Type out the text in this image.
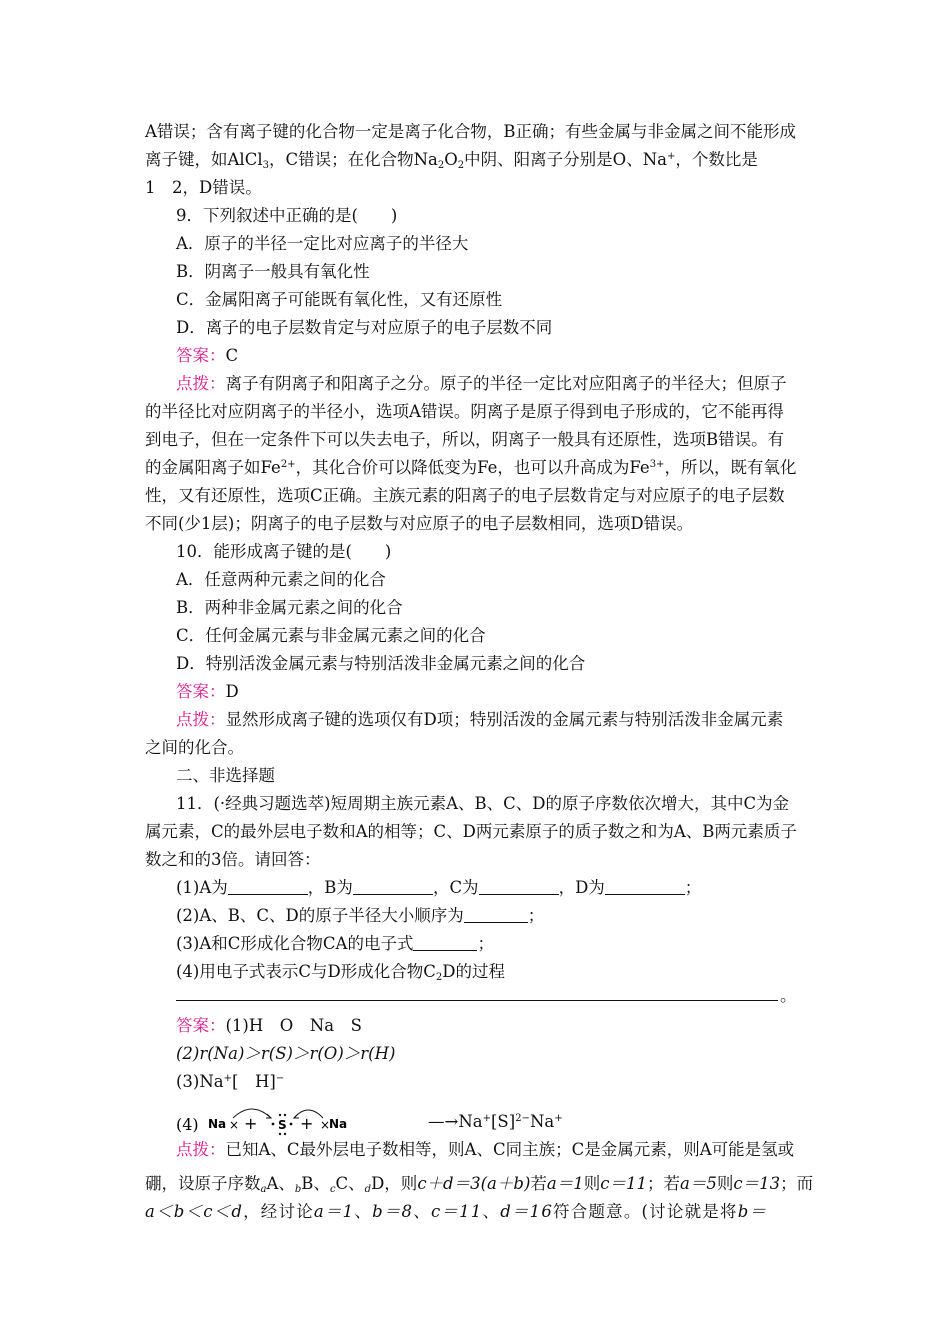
A错误；含有离子键的化合物一定是离子化合物，B正确；有些金属与非金属之间不能形成
离子键，如AlCl$_3$，C错误；在化合物$Na_2O_2$中阴、阳离子分别是O、Na+，个数比是
1　2，D错误。
9．下列叙述中正确的是(　　)
A．原子的半径一定比对应离子的半径大
B．阴离子一般具有氧化性
C．金属阳离子可能既有氧化性，又有还原性
D．离子的电子层数肯定与对应原子的电子层数不同
答案：C
点拨：离子有阴离子和阳离子之分。原子的半径一定比对应阳离子的半径大；但原子
的半径比对应阴离子的半径小，选项A错误。阴离子是原子得到电子形成的，它不能再得
到电子，但在一定条件下可以失去电子，所以，阴离子一般具有还原性，选项B错误。有
的金属阳离子如$Fe^{2+}$，其化合价可以降低变为Fe，也可以升高成为$Fe^{3+}$，所以，既有氧化
性，又有还原性，选项C正确。主族元素的阳离子的电子层数肯定与对应原子的电子层数
不同(少1层)；阴离子的电子层数与对应原子的电子层数相同，选项D错误。
10．能形成离子键的是(　　)
A．任意两种元素之间的化合
B．两种非金属元素之间的化合
C．任何金属元素与非金属元素之间的化合
D．特别活泼金属元素与特别活泼非金属元素之间的化合
答案：D
点拨：显然形成离子键的选项仅有D项；特别活泼的金属元素与特别活泼非金属元素
之间的化合。
二、非选择题
11．(·经典习题选萃)短周期主族元素A、B、C、D的原子序数依次增大，其中C为金
属元素，C的最外层电子数和A的相等；C、D两元素原子的质子数之和为A、B两元素质子
数之和的3倍。请回答：
(1)A为	，B为	，C为	，D为	；
(2)A、B、C、D的原子半径大小顺序为	；
(3)A和C形成化合物CA的电子式	；
(4)用电子式表示C与D形成化合物$C_2D$的过程
。
答案：(1)H　O　Na　S
(2)r(Na)＞r(S)＞r(O)＞r(H)
(3)Na+[　H]−
(4) Na × + S + ×
Na	$—\to Na^+[S]^{2-}Na^+$
点拨：已知A、C最外层电子数相等，则A、C同主族；C是金属元素，则A可能是氢或
硼，设原子序数$_a$A、$_b$B、$_c$C、$_d$D，则c＋d＝3(a＋b)若a＝1则c＝11；若a＝5则c＝13；而
a＜b＜c＜d，经讨论a＝1、b＝8、c＝11、d＝16符合题意。(讨论就是将b＝
